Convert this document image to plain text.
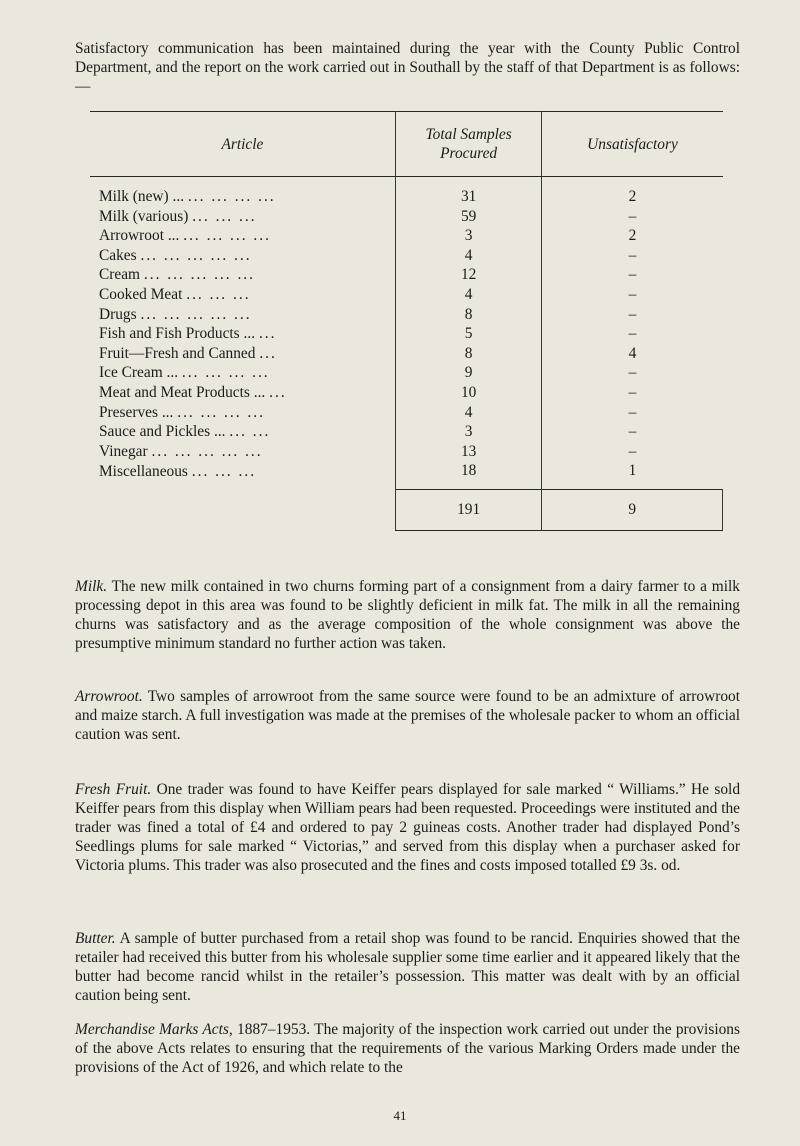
Satisfactory communication has been maintained during the year with the County Public Control Department, and the report on the work carried out in Southall by the staff of that Department is as follows:—

Article	Total Samples Procured	Unsatisfactory
Milk (new) ... ... ... ... ...	31	2
Milk (various) ... ... ...	59	–
Arrowroot ... ... ... ... ...	3	2
Cakes ... ... ... ... ...	4	–
Cream ... ... ... ... ...	12	–
Cooked Meat ... ... ...	4	–
Drugs ... ... ... ... ...	8	–
Fish and Fish Products ... ...	5	–
Fruit—Fresh and Canned ...	8	4
Ice Cream ... ... ... ... ...	9	–
Meat and Meat Products ... ...	10	–
Preserves ... ... ... ... ...	4	–
Sauce and Pickles ... ... ...	3	–
Vinegar ... ... ... ... ...	13	–
Miscellaneous ... ... ...	18	1
	191	9

Milk. The new milk contained in two churns forming part of a consignment from a dairy farmer to a milk processing depot in this area was found to be slightly deficient in milk fat. The milk in all the remaining churns was satisfactory and as the average composition of the whole consignment was above the presumptive minimum standard no further action was taken.

Arrowroot. Two samples of arrowroot from the same source were found to be an admixture of arrowroot and maize starch. A full investigation was made at the premises of the wholesale packer to whom an official caution was sent.

Fresh Fruit. One trader was found to have Keiffer pears displayed for sale marked “ Williams.” He sold Keiffer pears from this display when William pears had been requested. Proceedings were instituted and the trader was fined a total of £4 and ordered to pay 2 guineas costs. Another trader had displayed Pond’s Seedlings plums for sale marked “ Victorias,” and served from this display when a purchaser asked for Victoria plums. This trader was also prosecuted and the fines and costs imposed totalled £9 3s. od.

Butter. A sample of butter purchased from a retail shop was found to be rancid. Enquiries showed that the retailer had received this butter from his wholesale supplier some time earlier and it appeared likely that the butter had become rancid whilst in the retailer’s possession. This matter was dealt with by an official caution being sent.

Merchandise Marks Acts, 1887–1953. The majority of the inspection work carried out under the provisions of the above Acts relates to ensuring that the requirements of the various Marking Orders made under the provisions of the Act of 1926, and which relate to the

41
